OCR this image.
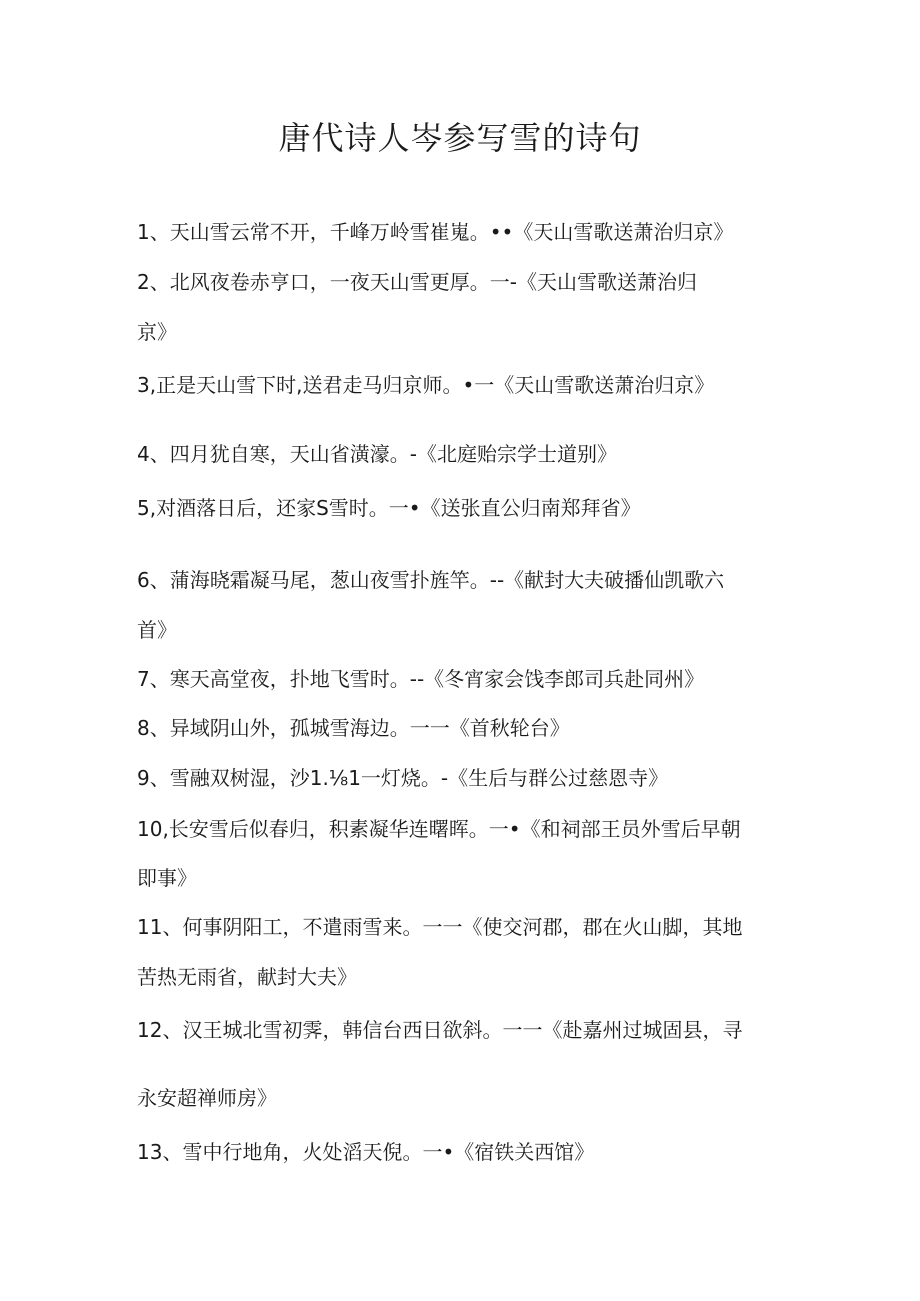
唐代诗人岑参写雪的诗句

1、天山雪云常不开，千峰万岭雪崔嵬。••《天山雪歌送萧治归京》

2、北风夜卷赤亨口，一夜天山雪更厚。一-《天山雪歌送萧治归

京》

3,正是天山雪下时,送君走马归京师。•一《天山雪歌送萧治归京》

4、四月犹自寒，天山省潢濠。-《北庭贻宗学士道别》

5,对酒落日后，还家S雪时。一•《送张直公归南郑拜省》

6、蒲海晓霜凝马尾，葱山夜雪扑旌竿。--《献封大夫破播仙凯歌六

首》

7、寒天高堂夜，扑地飞雪时。--《冬宵家会饯李郎司兵赴同州》

8、异域阴山外，孤城雪海边。一一《首秋轮台》

9、雪融双树湿，沙1.⅛1一灯烧。-《生后与群公过慈恩寺》

10,长安雪后似春归，积素凝华连曙晖。一•《和祠部王员外雪后早朝

即事》

11、何事阴阳工，不遣雨雪来。一一《使交河郡，郡在火山脚，其地

苦热无雨省，献封大夫》

12、汉王城北雪初霁，韩信台西日欲斜。一一《赴嘉州过城固县，寻

永安超禅师房》

13、雪中行地角，火处滔天倪。一•《宿铁关西馆》
